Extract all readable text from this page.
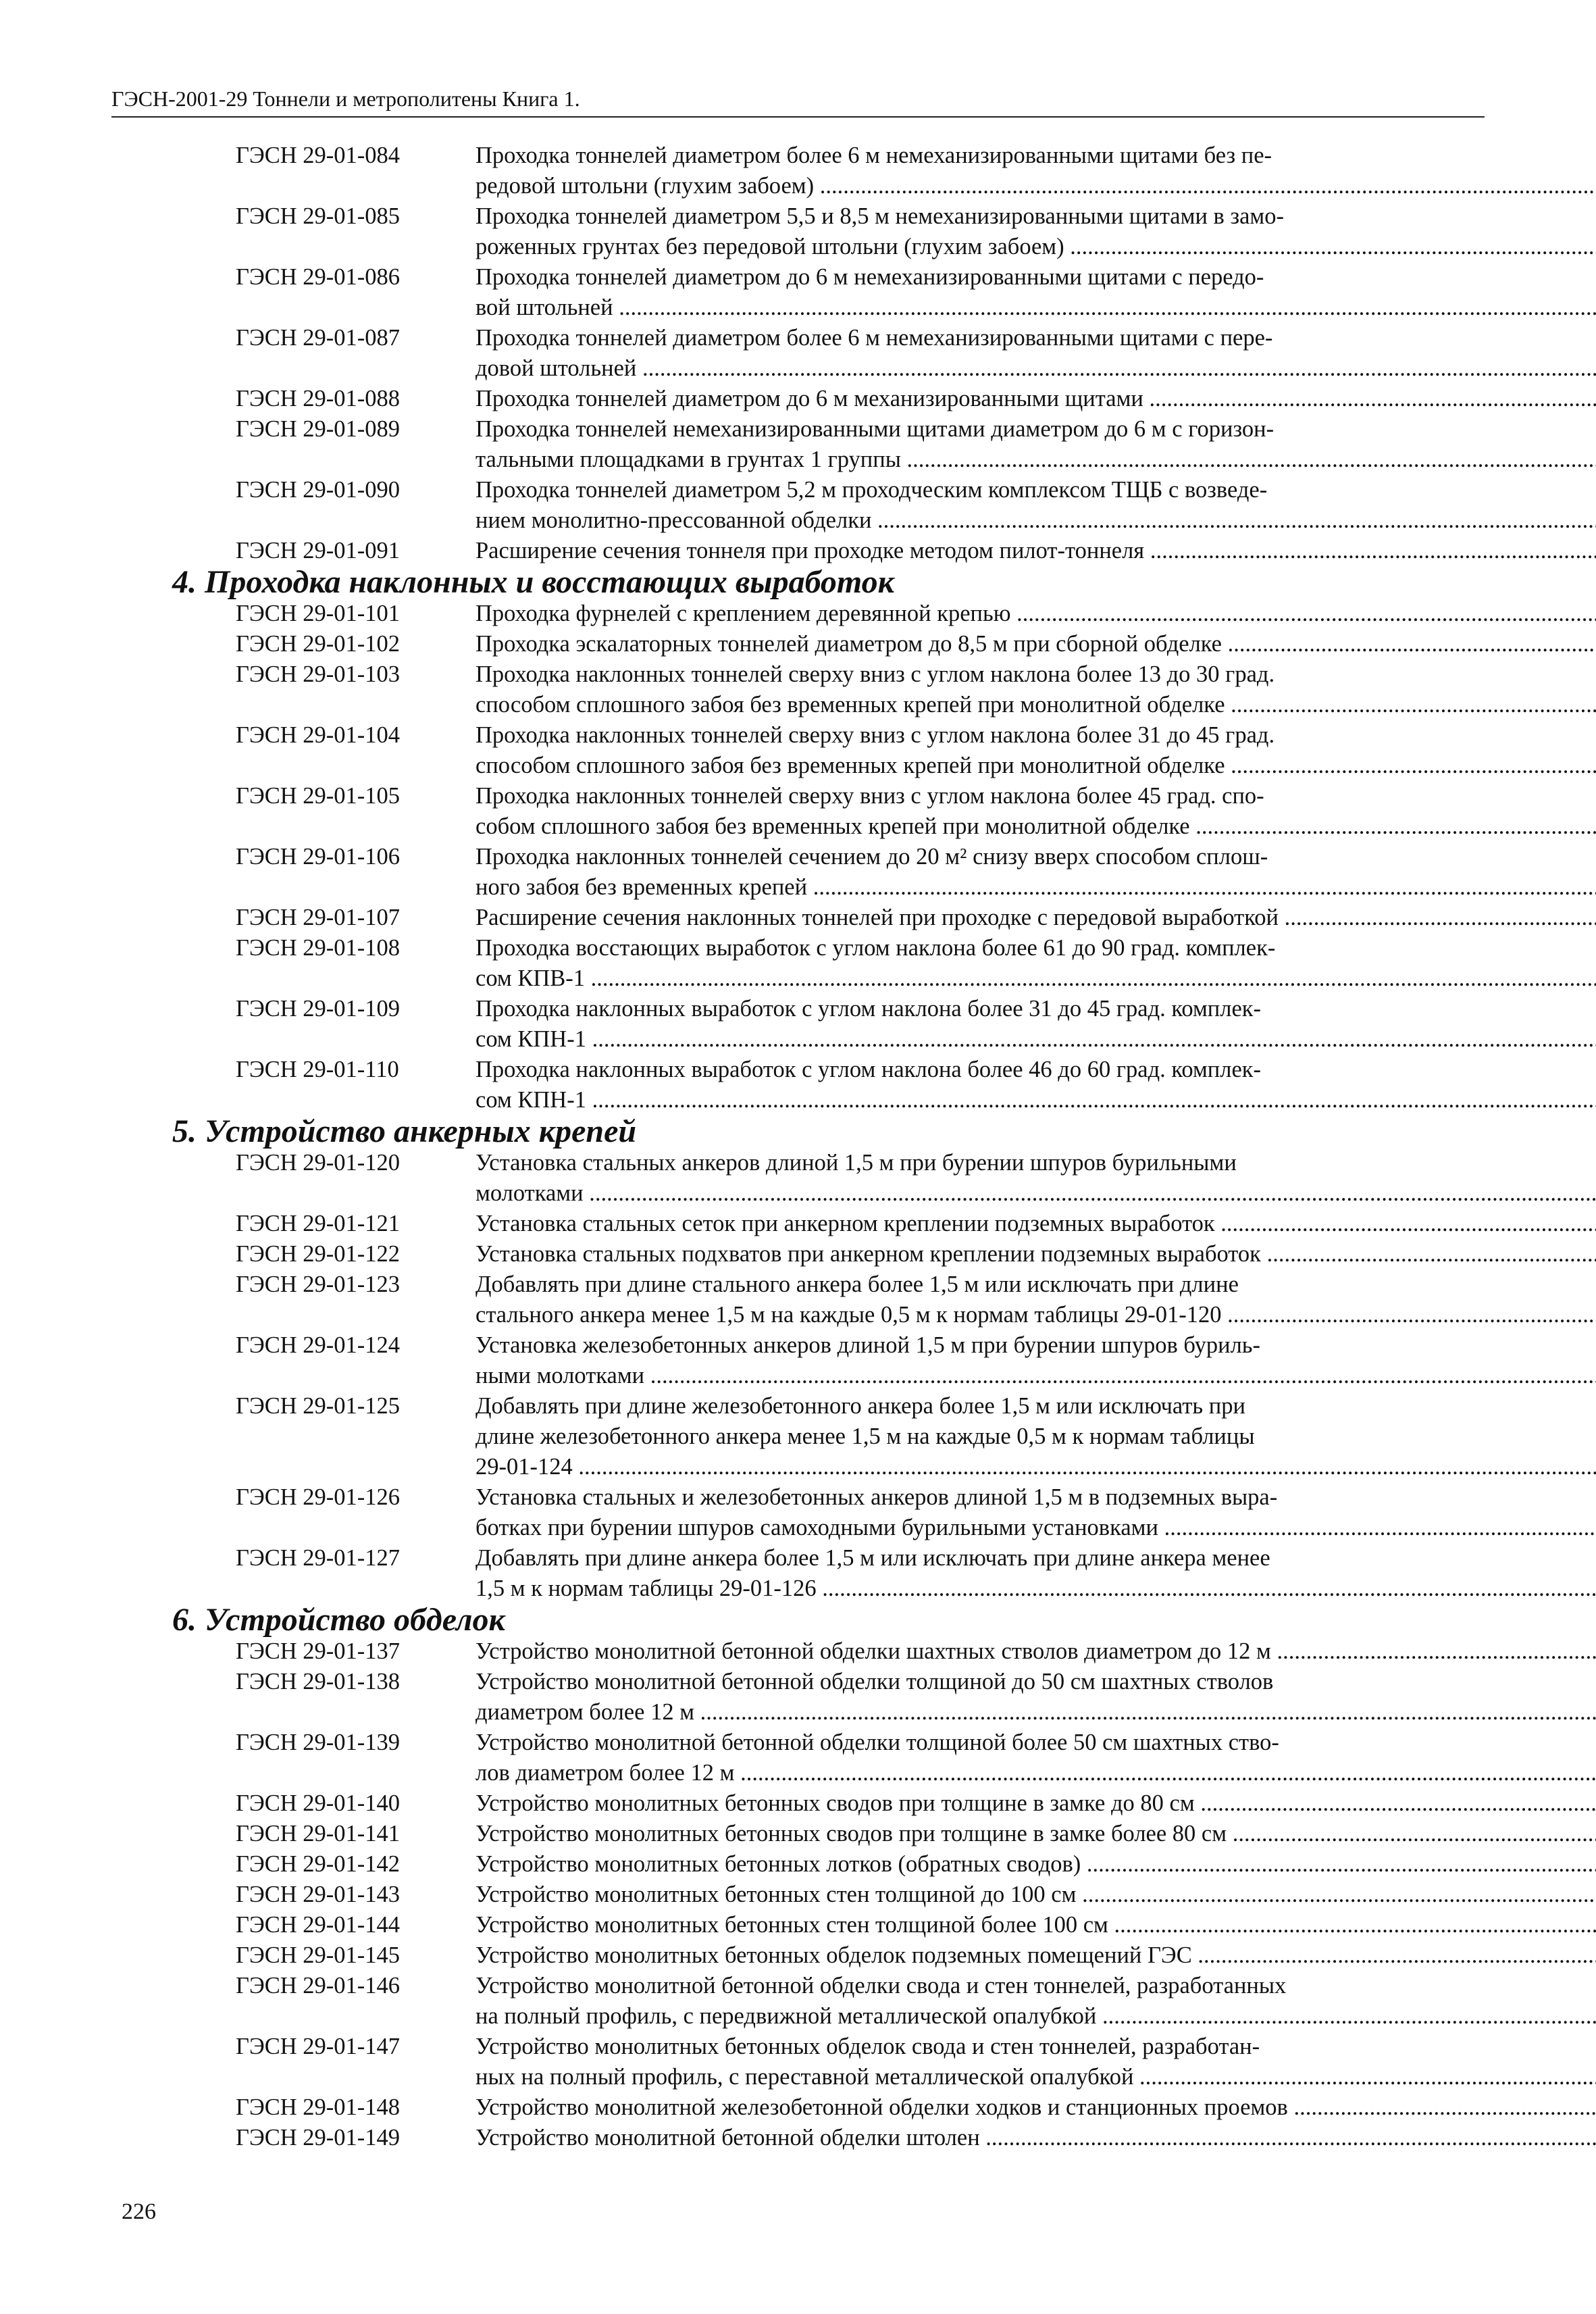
ГЭСН-2001-29 Тоннели и метрополитены Книга 1.
ГЭСН 29-01-084	Проходка тоннелей диаметром более 6 м немеханизированными щитами без пе-
редовой штольни (глухим забоем) .....
ГЭСН 29-01-085	Проходка тоннелей диаметром 5,5 и 8,5 м немеханизированными щитами в замо-
роженных грунтах без передовой штольни (глухим забоем) .....
ГЭСН 29-01-086	Проходка тоннелей диаметром до 6 м немеханизированными щитами с передо-
вой штольней .....
ГЭСН 29-01-087	Проходка тоннелей диаметром более 6 м немеханизированными щитами с пере-
довой штольней .....
ГЭСН 29-01-088	Проходка тоннелей диаметром до 6 м механизированными щитами .....
ГЭСН 29-01-089	Проходка тоннелей немеханизированными щитами диаметром до 6 м с горизон-
тальными площадками в грунтах 1 группы .....
ГЭСН 29-01-090	Проходка тоннелей диаметром 5,2 м проходческим комплексом ТЩБ с возведе-
нием монолитно-прессованной обделки .....
ГЭСН 29-01-091	Расширение сечения тоннеля при проходке методом пилот-тоннеля .....
4. Проходка наклонных и восстающих выработок
ГЭСН 29-01-101	Проходка фурнелей с креплением деревянной крепью .....
ГЭСН 29-01-102	Проходка эскалаторных тоннелей диаметром до 8,5 м при сборной обделке .....
ГЭСН 29-01-103	Проходка наклонных тоннелей сверху вниз с углом наклона более 13 до 30 град.
способом сплошного забоя без временных крепей при монолитной обделке .....
ГЭСН 29-01-104	Проходка наклонных тоннелей сверху вниз с углом наклона более 31 до 45 град.
способом сплошного забоя без временных крепей при монолитной обделке .....
ГЭСН 29-01-105	Проходка наклонных тоннелей сверху вниз с углом наклона более 45 град. спо-
собом сплошного забоя без временных крепей при монолитной обделке .....
ГЭСН 29-01-106	Проходка наклонных тоннелей сечением до 20 м² снизу вверх способом сплош-
ного забоя без временных крепей .....
ГЭСН 29-01-107	Расширение сечения наклонных тоннелей при проходке с передовой выработкой .....
ГЭСН 29-01-108	Проходка восстающих выработок с углом наклона более 61 до 90 град. комплек-
сом КПВ-1 .....
ГЭСН 29-01-109	Проходка наклонных выработок с углом наклона более 31 до 45 град. комплек-
сом КПН-1 .....
ГЭСН 29-01-110	Проходка наклонных выработок с углом наклона более 46 до 60 град. комплек-
сом КПН-1 .....
5. Устройство анкерных крепей
ГЭСН 29-01-120	Установка стальных анкеров длиной 1,5 м при бурении шпуров бурильными
молотками .....
ГЭСН 29-01-121	Установка стальных сеток при анкерном креплении подземных выработок .....
ГЭСН 29-01-122	Установка стальных подхватов при анкерном креплении подземных выработок .....
ГЭСН 29-01-123	Добавлять при длине стального анкера более 1,5 м или исключать при длине
стального анкера менее 1,5 м на каждые 0,5 м к нормам таблицы 29-01-120 .....
ГЭСН 29-01-124	Установка железобетонных анкеров длиной 1,5 м при бурении шпуров буриль-
ными молотками .....
ГЭСН 29-01-125	Добавлять при длине железобетонного анкера более 1,5 м или исключать при
длине железобетонного анкера менее 1,5 м на каждые 0,5 м к нормам таблицы
29-01-124 .....
ГЭСН 29-01-126	Установка стальных и железобетонных анкеров длиной 1,5 м в подземных выра-
ботках при бурении шпуров самоходными бурильными установками .....
ГЭСН 29-01-127	Добавлять при длине анкера более 1,5 м или исключать при длине анкера менее
1,5 м к нормам таблицы 29-01-126 .....
6. Устройство обделок
ГЭСН 29-01-137	Устройство монолитной бетонной обделки шахтных стволов диаметром до 12 м .....
ГЭСН 29-01-138	Устройство монолитной бетонной обделки толщиной до 50 см шахтных стволов
диаметром более 12 м .....
ГЭСН 29-01-139	Устройство монолитной бетонной обделки толщиной более 50 см шахтных ство-
лов диаметром более 12 м .....
ГЭСН 29-01-140	Устройство монолитных бетонных сводов при толщине в замке до 80 см .....
ГЭСН 29-01-141	Устройство монолитных бетонных сводов при толщине в замке более 80 см .....
ГЭСН 29-01-142	Устройство монолитных бетонных лотков (обратных сводов) .....
ГЭСН 29-01-143	Устройство монолитных бетонных стен толщиной до 100 см .....
ГЭСН 29-01-144	Устройство монолитных бетонных стен толщиной более 100 см .....
ГЭСН 29-01-145	Устройство монолитных бетонных обделок подземных помещений ГЭС .....
ГЭСН 29-01-146	Устройство монолитной бетонной обделки свода и стен тоннелей, разработанных
на полный профиль, с передвижной металлической опалубкой .....
ГЭСН 29-01-147	Устройство монолитных бетонных обделок свода и стен тоннелей, разработан-
ных на полный профиль, с переставной металлической опалубкой .....
ГЭСН 29-01-148	Устройство монолитной железобетонной обделки ходков и станционных проемов .....
ГЭСН 29-01-149	Устройство монолитной бетонной обделки штолен .....
226
